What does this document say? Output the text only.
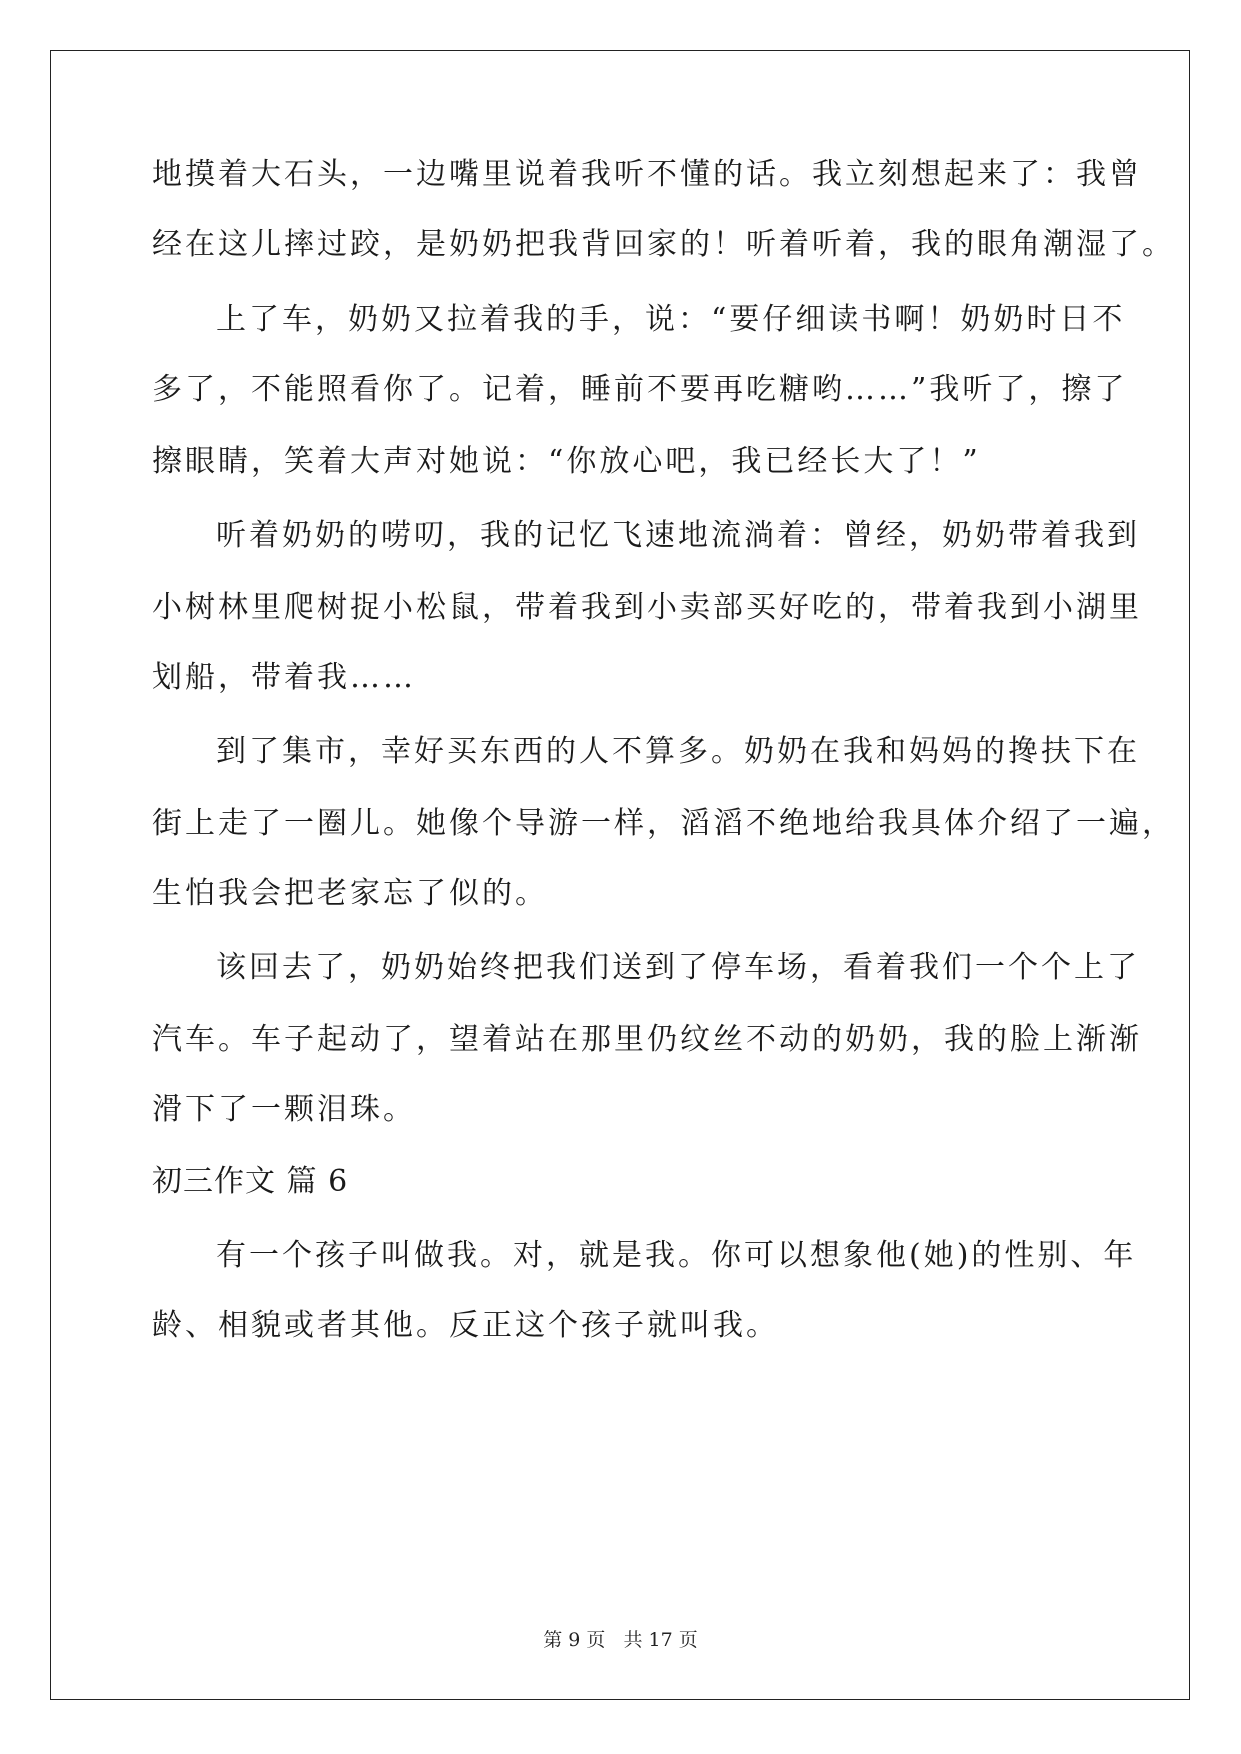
地摸着大石头，一边嘴里说着我听不懂的话。我立刻想起来了：我曾
经在这儿摔过跤，是奶奶把我背回家的！听着听着，我的眼角潮湿了。
上了车，奶奶又拉着我的手，说：“要仔细读书啊！奶奶时日不
多了，不能照看你了。记着，睡前不要再吃糖哟……”我听了，擦了
擦眼睛，笑着大声对她说：“你放心吧，我已经长大了！”
听着奶奶的唠叨，我的记忆飞速地流淌着：曾经，奶奶带着我到
小树林里爬树捉小松鼠，带着我到小卖部买好吃的，带着我到小湖里
划船，带着我……
到了集市，幸好买东西的人不算多。奶奶在我和妈妈的搀扶下在
街上走了一圈儿。她像个导游一样，滔滔不绝地给我具体介绍了一遍，
生怕我会把老家忘了似的。
该回去了，奶奶始终把我们送到了停车场，看着我们一个个上了
汽车。车子起动了，望着站在那里仍纹丝不动的奶奶，我的脸上渐渐
滑下了一颗泪珠。
初三作文 篇 6
有一个孩子叫做我。对，就是我。你可以想象他(她)的性别、年
龄、相貌或者其他。反正这个孩子就叫我。
第 9 页 共 17 页
